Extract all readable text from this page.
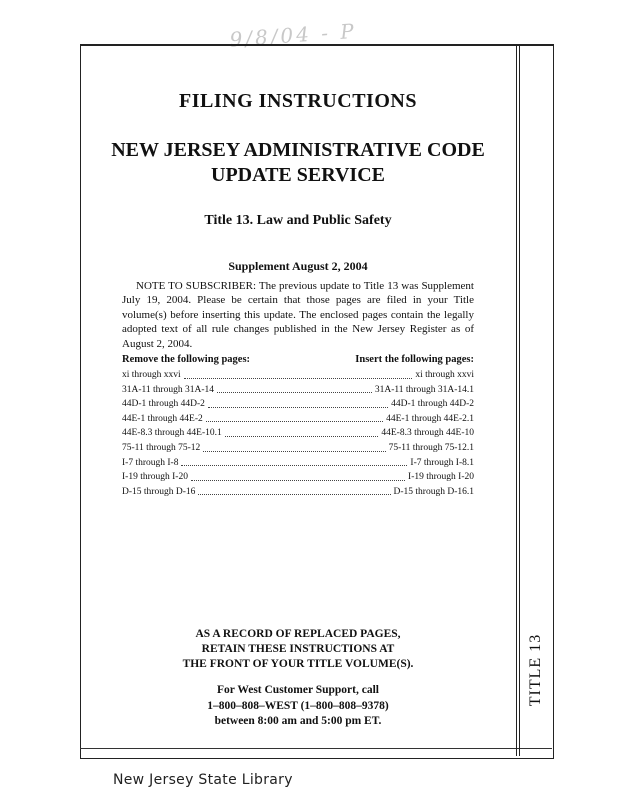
9/8/04 - P
TITLE 13
FILING INSTRUCTIONS
NEW JERSEY ADMINISTRATIVE CODE
UPDATE SERVICE
Title 13. Law and Public Safety
Supplement August 2, 2004
NOTE TO SUBSCRIBER: The previous update to Title 13 was Supplement July 19, 2004. Please be certain that those pages are filed in your Title volume(s) before inserting this update. The enclosed pages contain the legally adopted text of all rule changes published in the New Jersey Register as of August 2, 2004.
Remove the following pages:	Insert the following pages:
xi through xxvi	xi through xxvi
31A-11 through 31A-14	31A-11 through 31A-14.1
44D-1 through 44D-2	44D-1 through 44D-2
44E-1 through 44E-2	44E-1 through 44E-2.1
44E-8.3 through 44E-10.1	44E-8.3 through 44E-10
75-11 through 75-12	75-11 through 75-12.1
I-7 through I-8	I-7 through I-8.1
I-19 through I-20	I-19 through I-20
D-15 through D-16	D-15 through D-16.1
AS A RECORD OF REPLACED PAGES,
RETAIN THESE INSTRUCTIONS AT
THE FRONT OF YOUR TITLE VOLUME(S).
For West Customer Support, call
1–800–808–WEST (1–800–808–9378)
between 8:00 am and 5:00 pm ET.
New Jersey State Library
